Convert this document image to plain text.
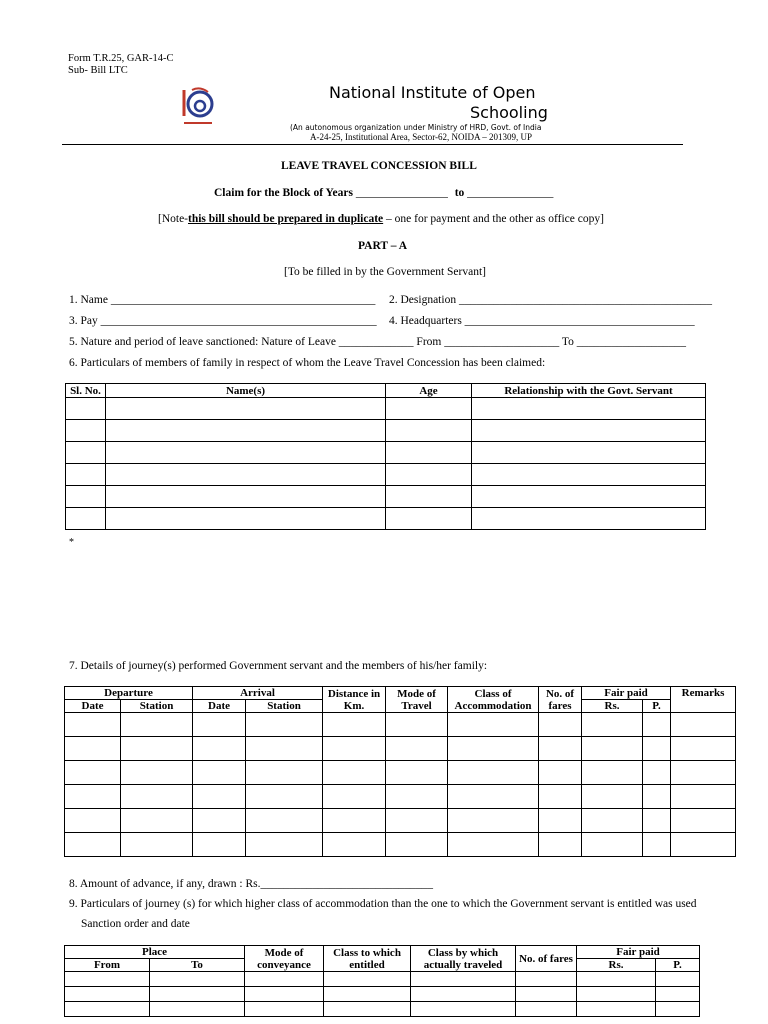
Form T.R.25, GAR-14-C
Sub- Bill LTC
National Institute of Open
Schooling
(An autonomous organization under Ministry of HRD, Govt. of India
A-24-25, Institutional Area, Sector-62, NOIDA – 201309, UP
LEAVE TRAVEL CONCESSION BILL
Claim for the Block of Years ________________ to _______________
[Note-this bill should be prepared in duplicate – one for payment and the other as office copy]
PART – A
[To be filled in by the Government Servant]
1. Name ______________________________________________ 2. Designation ____________________________________________
3. Pay ________________________________________________ 4. Headquarters ________________________________________
5. Nature and period of leave sanctioned: Nature of Leave _____________ From ____________________ To ___________________
6. Particulars of members of family in respect of whom the Leave Travel Concession has been claimed:
Sl. No.	Name(s)	Age	Relationship with the Govt. Servant

*
7. Details of journey(s) performed Government servant and the members of his/her family:
Departure		Arrival		Distance in Km.	Mode of Travel	Class of Accommodation	No. of fares	Fair paid		Remarks
Date	Station	Date	Station					Rs.	P.	

8. Amount of advance, if any, drawn : Rs.______________________________
9. Particulars of journey (s) for which higher class of accommodation than the one to which the Government servant is entitled was used
Sanction order and date
Place		Mode of conveyance	Class to which entitled	Class by which actually traveled	No. of fares	Fair paid	
From	To					Rs.	P.
